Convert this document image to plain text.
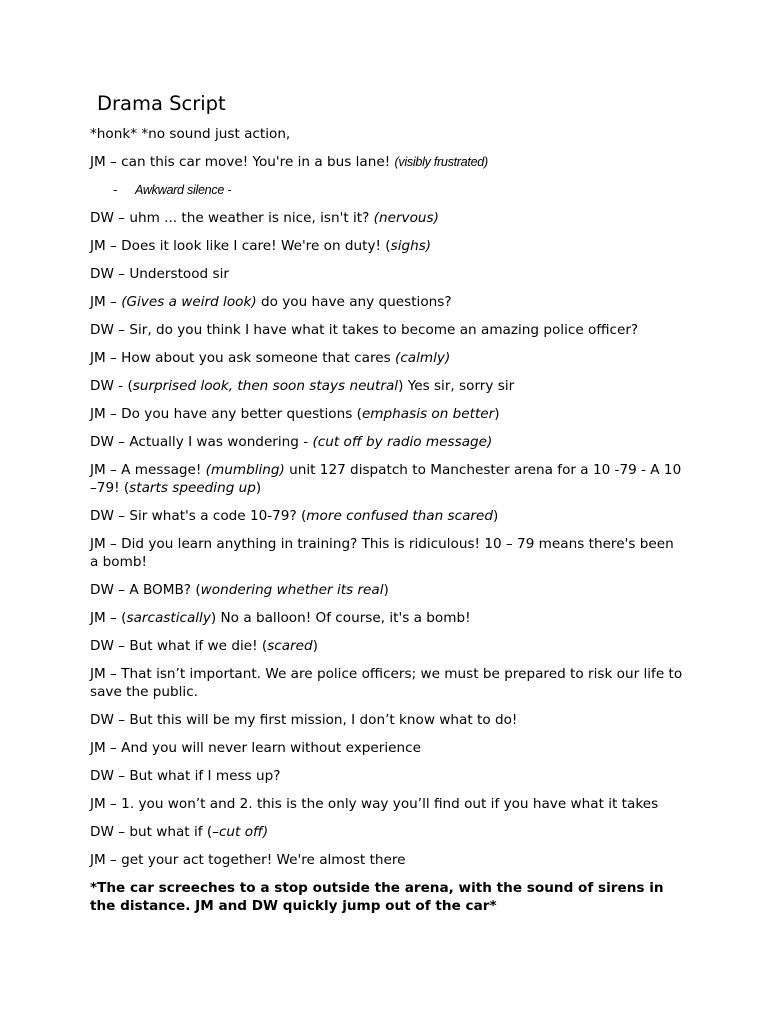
Drama Script

*honk* *no sound just action,

JM – can this car move! You're in a bus lane! (visibly frustrated)

-	Awkward silence -

DW – uhm ... the weather is nice, isn't it? (nervous)

JM – Does it look like I care! We're on duty! (sighs)

DW – Understood sir

JM – (Gives a weird look) do you have any questions?

DW – Sir, do you think I have what it takes to become an amazing police officer?

JM – How about you ask someone that cares (calmly)

DW - (surprised look, then soon stays neutral) Yes sir, sorry sir

JM – Do you have any better questions (emphasis on better)

DW – Actually I was wondering - (cut off by radio message)

JM – A message! (mumbling) unit 127 dispatch to Manchester arena for a 10 -79 - A 10 –79! (starts speeding up)

DW – Sir what's a code 10-79? (more confused than scared)

JM – Did you learn anything in training? This is ridiculous! 10 – 79 means there's been a bomb!

DW – A BOMB? (wondering whether its real)

JM – (sarcastically) No a balloon! Of course, it's a bomb!

DW – But what if we die! (scared)

JM – That isn’t important. We are police officers; we must be prepared to risk our life to save the public.

DW – But this will be my first mission, I don’t know what to do!

JM – And you will never learn without experience

DW – But what if I mess up?

JM – 1. you won’t and 2. this is the only way you’ll find out if you have what it takes

DW – but what if (–cut off)

JM – get your act together! We're almost there

*The car screeches to a stop outside the arena, with the sound of sirens in the distance. JM and DW quickly jump out of the car*
